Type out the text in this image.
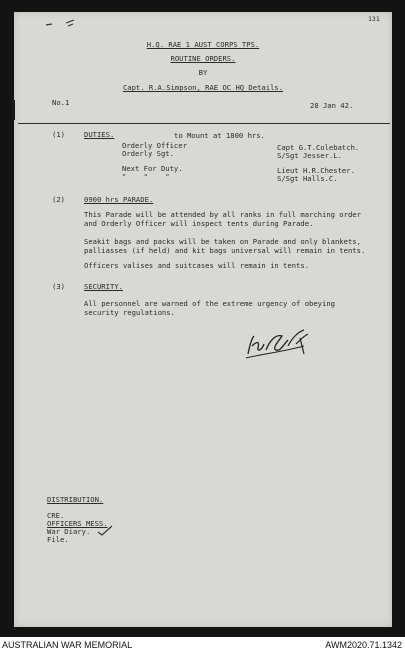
131
H.Q. RAE 1 AUST CORPS TPS.
ROUTINE ORDERS.
BY
Capt. R.A.Simpson, RAE OC HQ Details.
No.1	28 Jan 42.
(1)	DUTIES.	to Mount at 1800 hrs.
Orderly Officer	Capt G.T.Colebatch.
Orderly Sgt.	S/Sgt Jesser.L.
Next For Duty.	Lieut H.R.Chester.
"    "    "	S/Sgt Halls.C.
(2)	0900 hrs PARADE.
This Parade will be attended by all ranks in full marching order
and Orderly Officer will inspect tents during Parade.
Seakit bags and packs will be taken on Parade and only blankets,
palliasses (if held) and kit bags universal will remain in tents.
Officers valises and suitcases will remain in tents.
(3)	SECURITY.
All personnel are warned of the extreme urgency of obeying
security regulations.
DISTRIBUTION.
CRE.
OFFICERS MESS.
War Diary.
File.
AUSTRALIAN WAR MEMORIAL	AWM2020.71.1342
